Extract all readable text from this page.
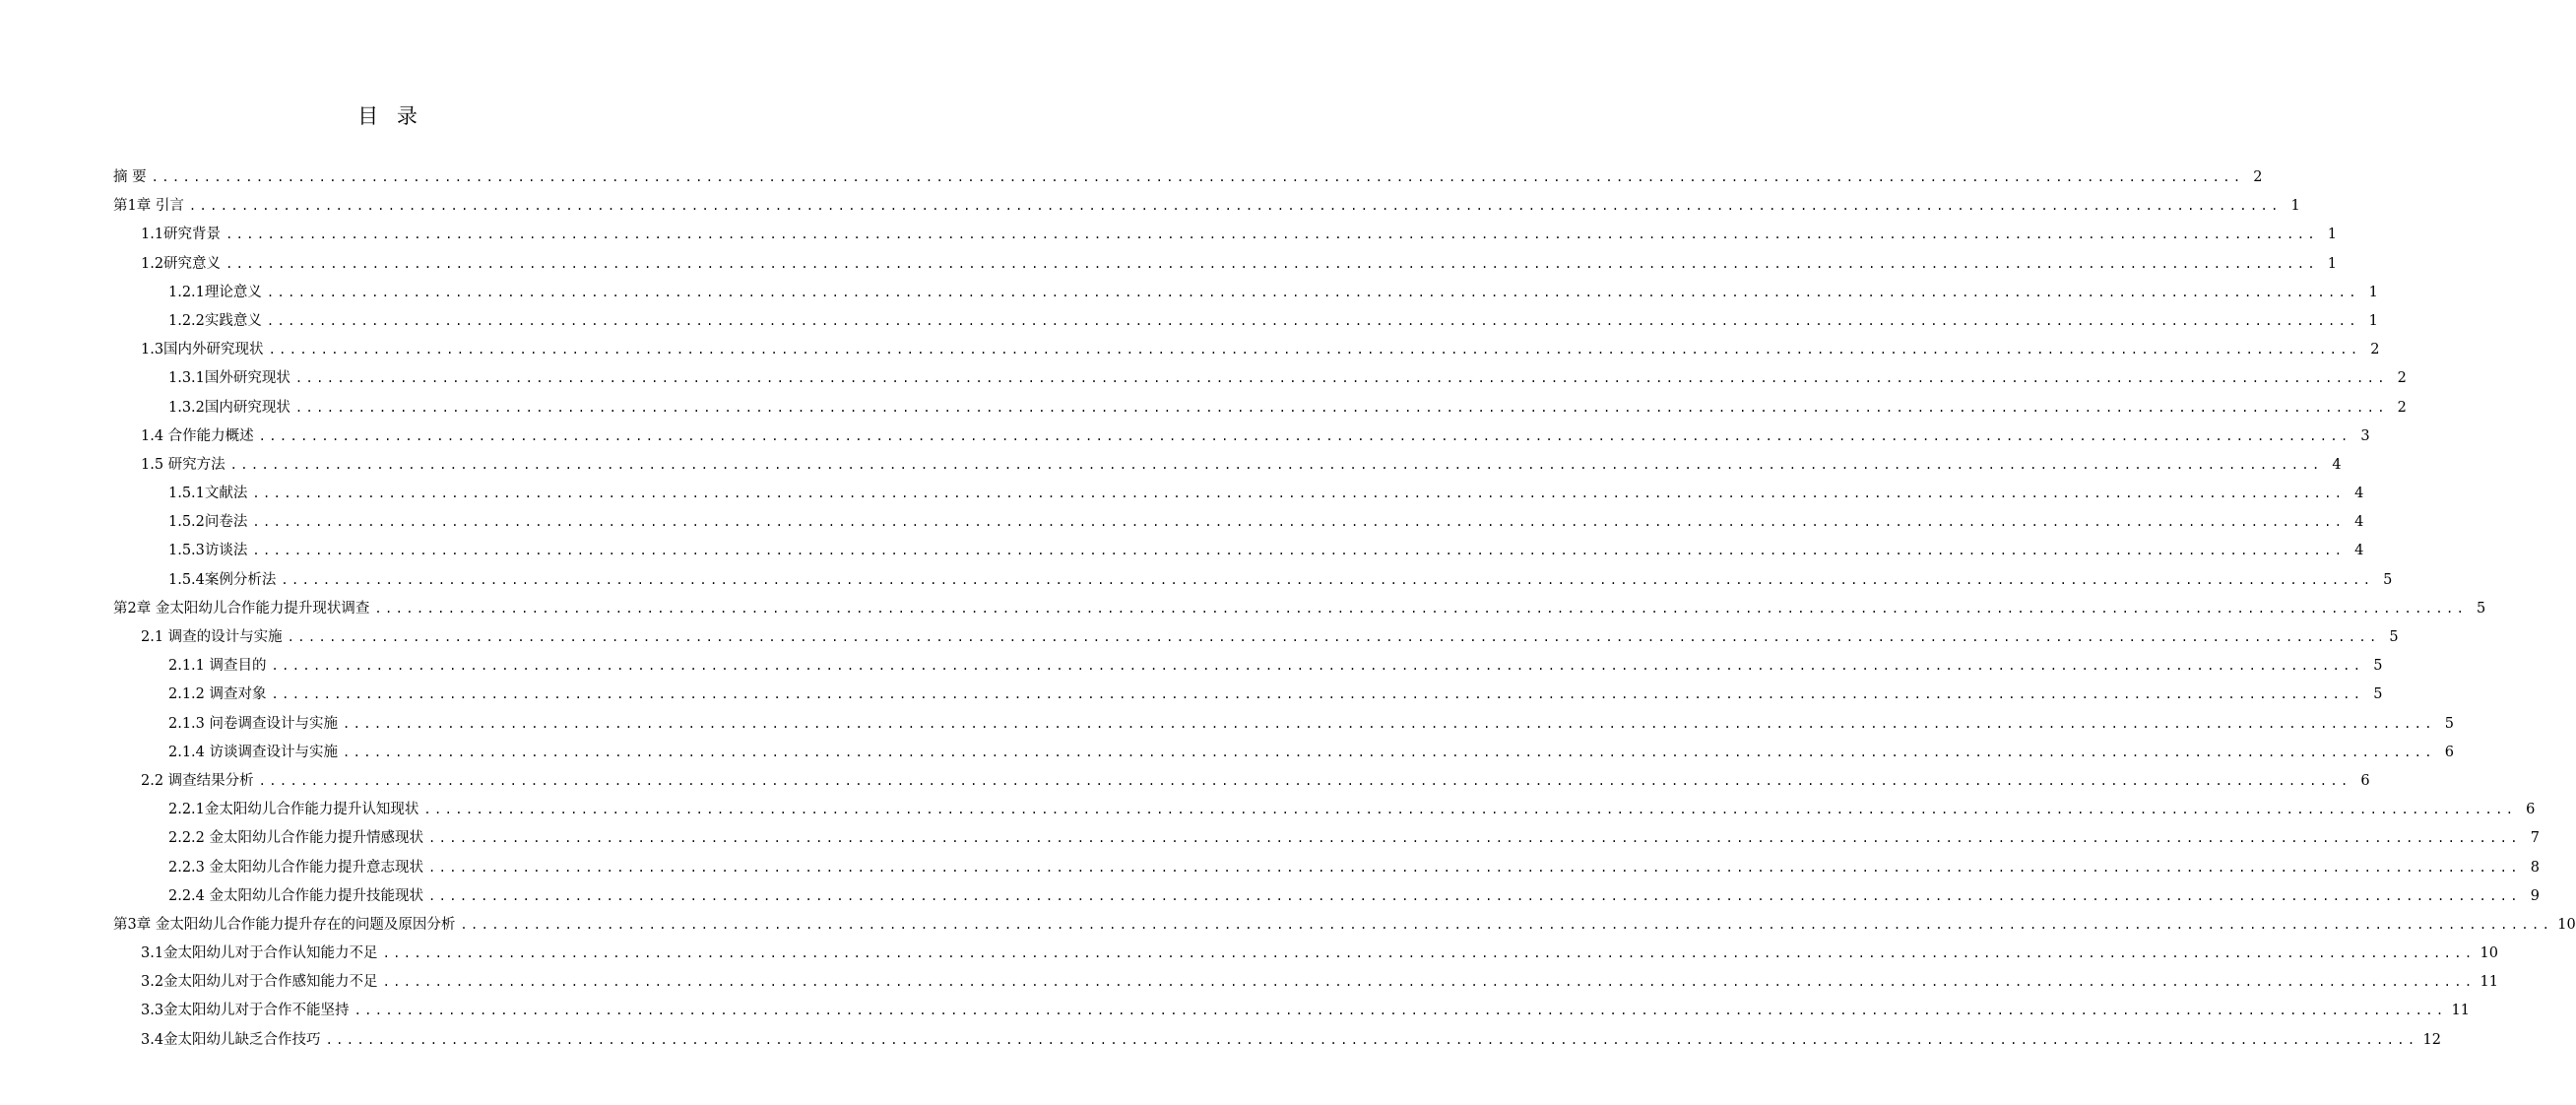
目 录
摘 要 ........................................................................................................................................................................................................ 2
第1章 引言 ........................................................................................................................................................................................................ 1
1.1研究背景 ........................................................................................................................................................................................................ 1
1.2研究意义 ........................................................................................................................................................................................................ 1
1.2.1理论意义 ........................................................................................................................................................................................................ 1
1.2.2实践意义 ........................................................................................................................................................................................................ 1
1.3国内外研究现状 ........................................................................................................................................................................................................ 2
1.3.1国外研究现状 ........................................................................................................................................................................................................ 2
1.3.2国内研究现状 ........................................................................................................................................................................................................ 2
1.4 合作能力概述 ........................................................................................................................................................................................................ 3
1.5 研究方法 ........................................................................................................................................................................................................ 4
1.5.1文献法 ........................................................................................................................................................................................................ 4
1.5.2问卷法 ........................................................................................................................................................................................................ 4
1.5.3访谈法 ........................................................................................................................................................................................................ 4
1.5.4案例分析法 ........................................................................................................................................................................................................ 5
第2章 金太阳幼儿合作能力提升现状调查 ........................................................................................................................................................................................................ 5
2.1 调查的设计与实施 ........................................................................................................................................................................................................ 5
2.1.1 调查目的 ........................................................................................................................................................................................................ 5
2.1.2 调查对象 ........................................................................................................................................................................................................ 5
2.1.3 问卷调查设计与实施 ........................................................................................................................................................................................................ 5
2.1.4 访谈调查设计与实施 ........................................................................................................................................................................................................ 6
2.2 调查结果分析 ........................................................................................................................................................................................................ 6
2.2.1金太阳幼儿合作能力提升认知现状 ........................................................................................................................................................................................................ 6
2.2.2 金太阳幼儿合作能力提升情感现状 ........................................................................................................................................................................................................ 7
2.2.3 金太阳幼儿合作能力提升意志现状 ........................................................................................................................................................................................................ 8
2.2.4 金太阳幼儿合作能力提升技能现状 ........................................................................................................................................................................................................ 9
第3章 金太阳幼儿合作能力提升存在的问题及原因分析 ........................................................................................................................................................................................................ 10
3.1金太阳幼儿对于合作认知能力不足 ........................................................................................................................................................................................................ 10
3.2金太阳幼儿对于合作感知能力不足 ........................................................................................................................................................................................................ 11
3.3金太阳幼儿对于合作不能坚持 ........................................................................................................................................................................................................ 11
3.4金太阳幼儿缺乏合作技巧 ........................................................................................................................................................................................................ 12
